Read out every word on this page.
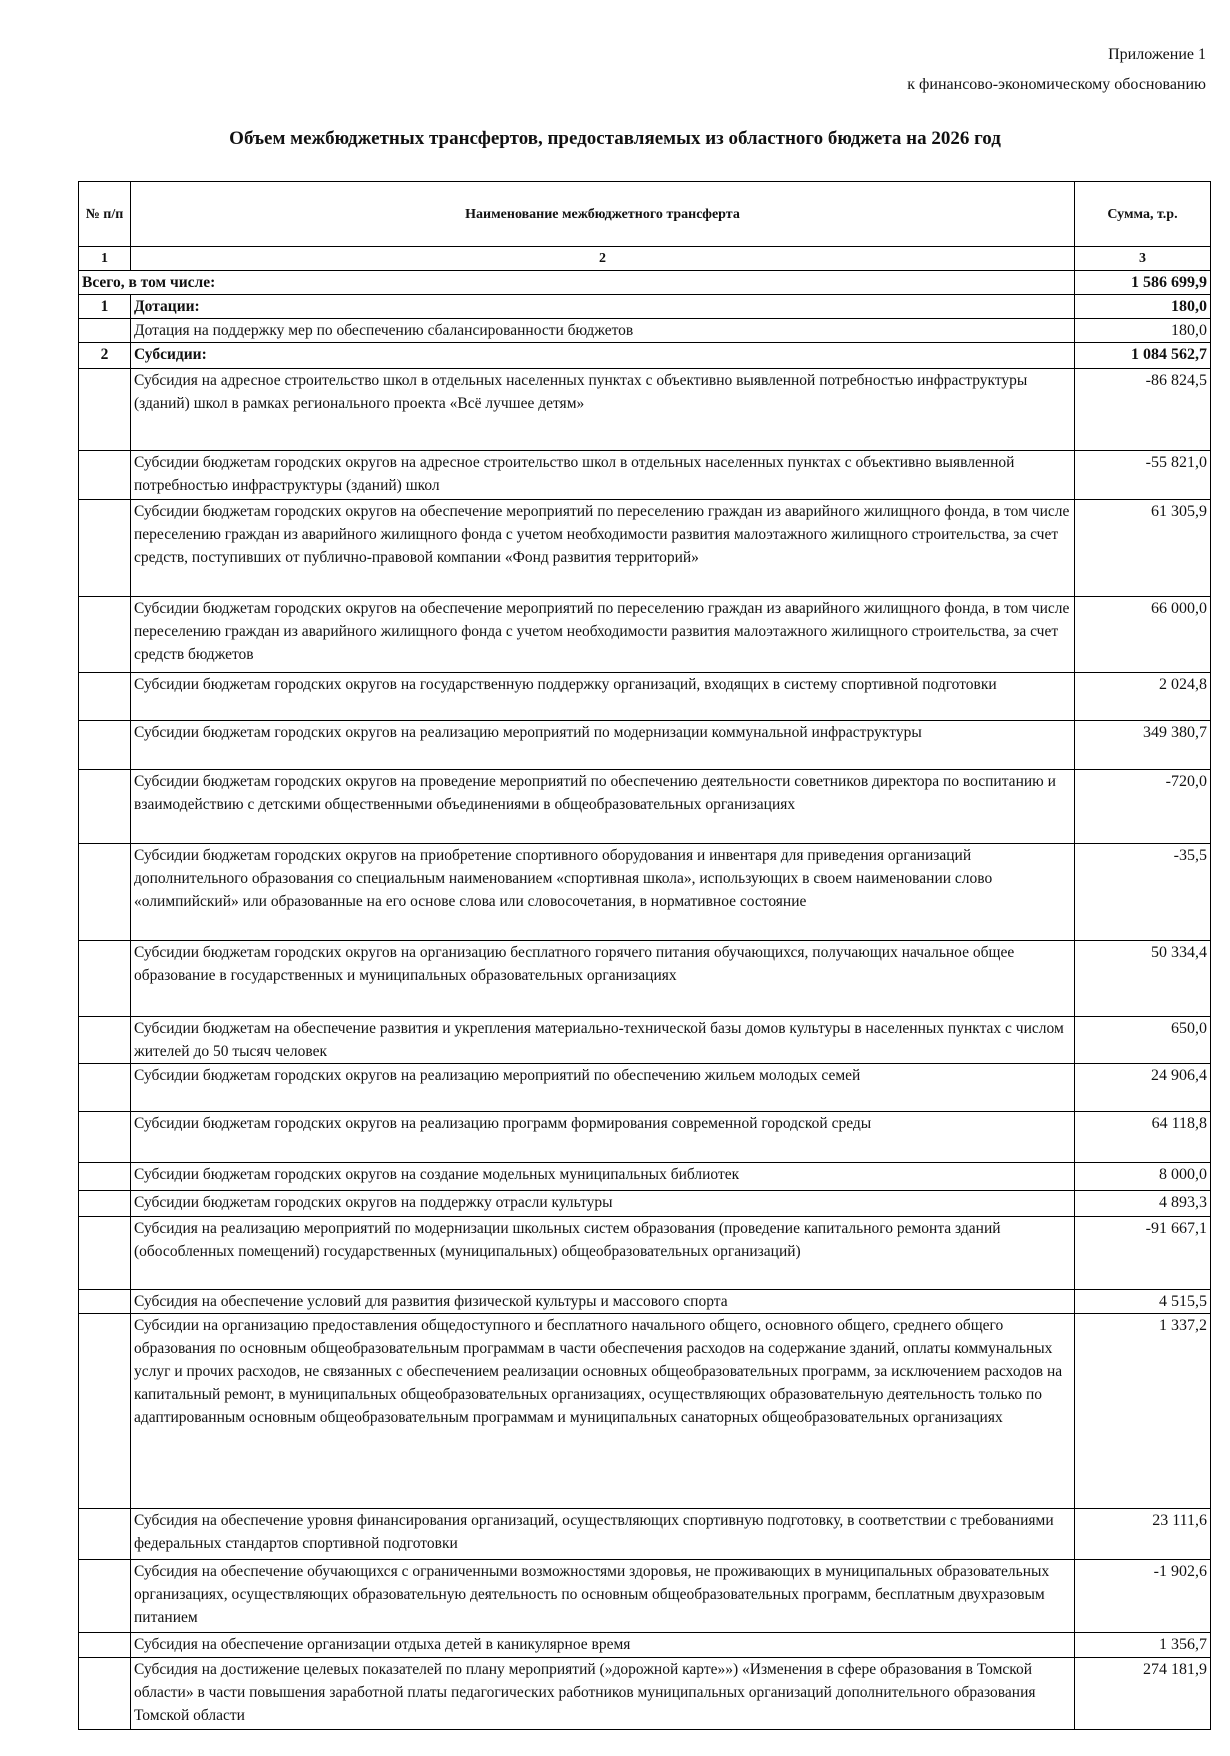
Приложение 1
к финансово-экономическому обоснованию
Объем межбюджетных трансфертов, предоставляемых из областного бюджета на 2026 год
№ п/п	Наименование межбюджетного трансферта	Сумма, т.р.
1	2	3
Всего, в том числе:		1 586 699,9
1	Дотации:	180,0
	Дотация на поддержку мер по обеспечению сбалансированности бюджетов	180,0
2	Субсидии:	1 084 562,7
	Субсидия на адресное строительство школ в отдельных населенных пунктах с объективно выявленной потребностью инфраструктуры (зданий) школ в рамках регионального проекта «Всё лучшее детям»	-86 824,5
	Субсидии бюджетам городских округов на адресное строительство школ в отдельных населенных пунктах с объективно выявленной потребностью инфраструктуры (зданий) школ	-55 821,0
	Субсидии бюджетам городских округов на обеспечение мероприятий по переселению граждан из аварийного жилищного фонда, в том числе переселению граждан из аварийного жилищного фонда с учетом необходимости развития малоэтажного жилищного строительства, за счет средств, поступивших от публично-правовой компании «Фонд развития территорий»	61 305,9
	Субсидии бюджетам городских округов на обеспечение мероприятий по переселению граждан из аварийного жилищного фонда, в том числе переселению граждан из аварийного жилищного фонда с учетом необходимости развития малоэтажного жилищного строительства, за счет средств бюджетов	66 000,0
	Субсидии бюджетам городских округов на государственную поддержку организаций, входящих в систему спортивной подготовки	2 024,8
	Субсидии бюджетам городских округов на реализацию мероприятий по модернизации коммунальной инфраструктуры	349 380,7
	Субсидии бюджетам городских округов на проведение мероприятий по обеспечению деятельности советников директора по воспитанию и взаимодействию с детскими общественными объединениями в общеобразовательных организациях	-720,0
	Субсидии бюджетам городских округов на приобретение спортивного оборудования и инвентаря для приведения организаций дополнительного образования со специальным наименованием «спортивная школа», использующих в своем наименовании слово «олимпийский» или образованные на его основе слова или словосочетания, в нормативное состояние	-35,5
	Субсидии бюджетам городских округов на организацию бесплатного горячего питания обучающихся, получающих начальное общее образование в государственных и муниципальных образовательных организациях	50 334,4
	Субсидии бюджетам на обеспечение развития и укрепления материально-технической базы домов культуры в населенных пунктах с числом жителей до 50 тысяч человек	650,0
	Субсидии бюджетам городских округов на реализацию мероприятий по обеспечению жильем молодых семей	24 906,4
	Субсидии бюджетам городских округов на реализацию программ формирования современной городской среды	64 118,8
	Субсидии бюджетам городских округов на создание модельных муниципальных библиотек	8 000,0
	Субсидии бюджетам городских округов на поддержку отрасли культуры	4 893,3
	Субсидия на реализацию мероприятий по модернизации школьных систем образования (проведение капитального ремонта зданий (обособленных помещений) государственных (муниципальных) общеобразовательных организаций)	-91 667,1
	Субсидия на обеспечение условий для развития физической культуры и массового спорта	4 515,5
	Субсидии на организацию предоставления общедоступного и бесплатного начального общего, основного общего, среднего общего образования по основным общеобразовательным программам в части обеспечения расходов на содержание зданий, оплаты коммунальных услуг и прочих расходов, не связанных с обеспечением реализации основных общеобразовательных программ, за исключением расходов на капитальный ремонт, в муниципальных общеобразовательных организациях, осуществляющих образовательную деятельность только по адаптированным основным общеобразовательным программам и муниципальных санаторных общеобразовательных организациях	1 337,2
	Субсидия на обеспечение уровня финансирования организаций, осуществляющих спортивную подготовку, в соответствии с требованиями федеральных стандартов спортивной подготовки	23 111,6
	Субсидия на обеспечение обучающихся с ограниченными возможностями здоровья, не проживающих в муниципальных образовательных организациях, осуществляющих образовательную деятельность по основным общеобразовательных программ, бесплатным двухразовым питанием	-1 902,6
	Субсидия на обеспечение организации отдыха детей в каникулярное время	1 356,7
	Субсидия на достижение целевых показателей по плану мероприятий (»дорожной карте»») «Изменения в сфере образования в Томской области» в части повышения заработной платы педагогических работников муниципальных организаций дополнительного образования Томской области	274 181,9
